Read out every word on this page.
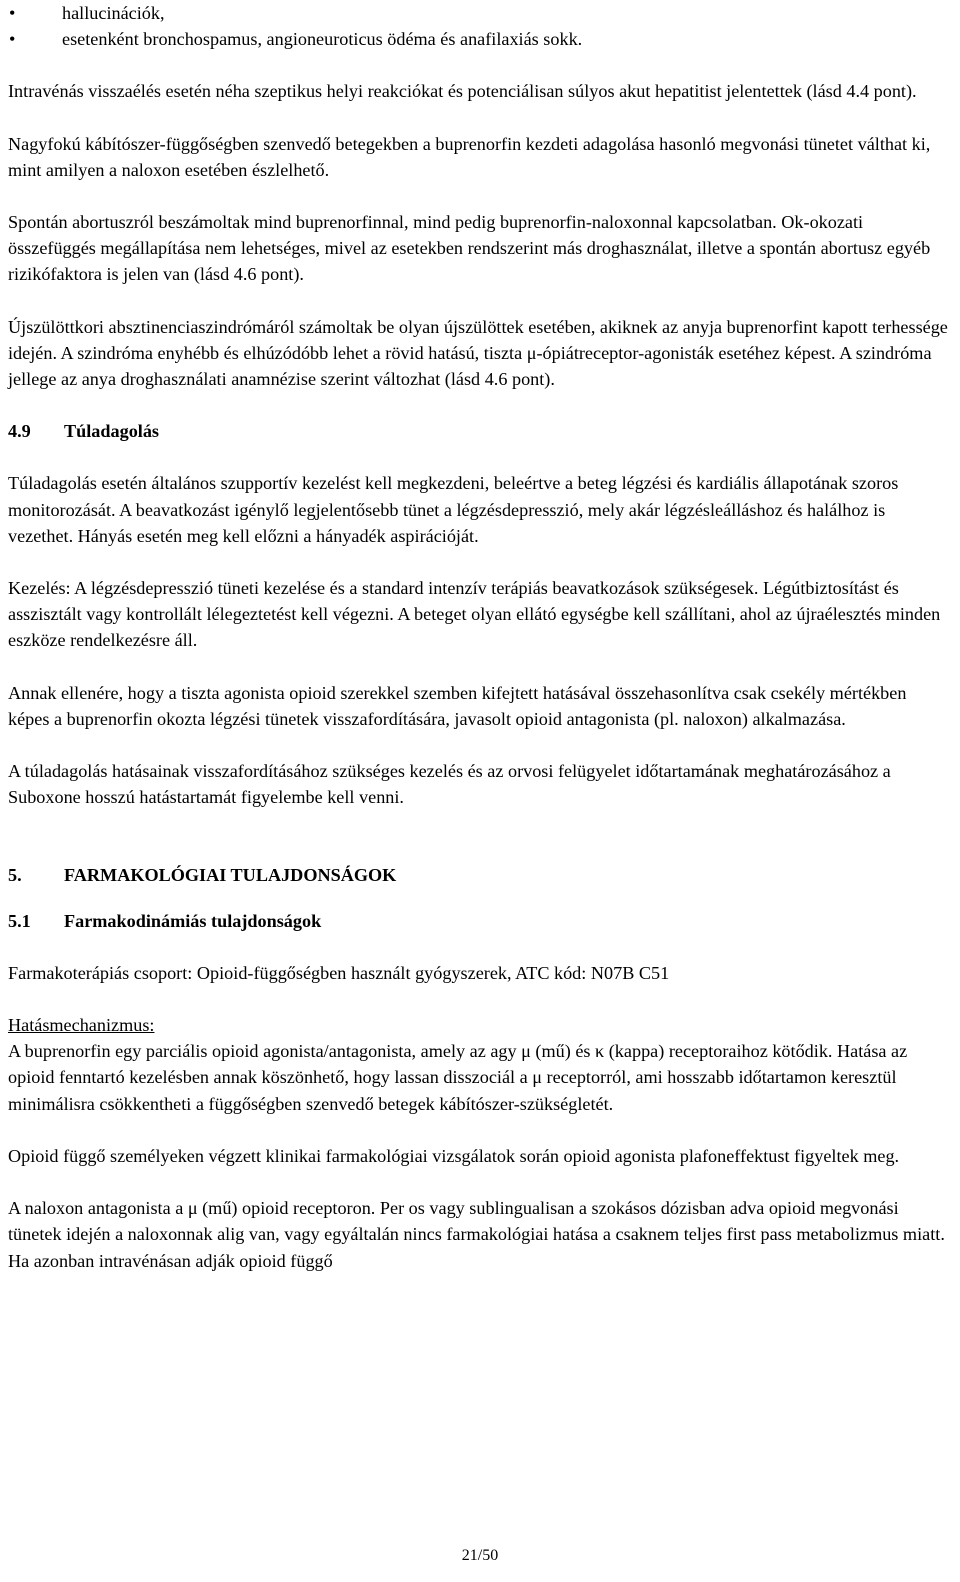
•	hallucinációk,
•	esetenként bronchospamus, angioneuroticus ödéma és anafilaxiás sokk.

Intravénás visszaélés esetén néha szeptikus helyi reakciókat és potenciálisan súlyos akut hepatitist jelentettek (lásd 4.4 pont).

Nagyfokú kábítószer-függőségben szenvedő betegekben a buprenorfin kezdeti adagolása hasonló megvonási tünetet válthat ki, mint amilyen a naloxon esetében észlelhető.

Spontán abortuszról beszámoltak mind buprenorfinnal, mind pedig buprenorfin-naloxonnal kapcsolatban. Ok-okozati összefüggés megállapítása nem lehetséges, mivel az esetekben rendszerint más droghasználat, illetve a spontán abortusz egyéb rizikófaktora is jelen van (lásd 4.6 pont).

Újszülöttkori absztinenciaszindrómáról számoltak be olyan újszülöttek esetében, akiknek az anyja buprenorfint kapott terhessége idején. A szindróma enyhébb és elhúzódóbb lehet a rövid hatású, tiszta μ-ópiátreceptor-agonisták esetéhez képest. A szindróma jellege az anya droghasználati anamnézise szerint változhat (lásd 4.6 pont).

4.9	Túladagolás

Túladagolás esetén általános szupportív kezelést kell megkezdeni, beleértve a beteg légzési és kardiális állapotának szoros monitorozását. A beavatkozást igénylő legjelentősebb tünet a légzésdepresszió, mely akár légzésleálláshoz és halálhoz is vezethet. Hányás esetén meg kell előzni a hányadék aspirációját.

Kezelés: A légzésdepresszió tüneti kezelése és a standard intenzív terápiás beavatkozások szükségesek. Légútbiztosítást és asszisztált vagy kontrollált lélegeztetést kell végezni. A beteget olyan ellátó egységbe kell szállítani, ahol az újraélesztés minden eszköze rendelkezésre áll.

Annak ellenére, hogy a tiszta agonista opioid szerekkel szemben kifejtett hatásával összehasonlítva csak csekély mértékben képes a buprenorfin okozta légzési tünetek visszafordítására, javasolt opioid antagonista (pl. naloxon) alkalmazása.

A túladagolás hatásainak visszafordításához szükséges kezelés és az orvosi felügyelet időtartamának meghatározásához a Suboxone hosszú hatástartamát figyelembe kell venni.

5.	FARMAKOLÓGIAI TULAJDONSÁGOK
5.1	Farmakodinámiás tulajdonságok

Farmakoterápiás csoport: Opioid-függőségben használt gyógyszerek, ATC kód: N07B C51

Hatásmechanizmus:

A buprenorfin egy parciális opioid agonista/antagonista, amely az agy μ (mű) és κ (kappa) receptoraihoz kötődik. Hatása az opioid fenntartó kezelésben annak köszönhető, hogy lassan disszociál a μ receptorról, ami hosszabb időtartamon keresztül minimálisra csökkentheti a függőségben szenvedő betegek kábítószer-szükségletét.

Opioid függő személyeken végzett klinikai farmakológiai vizsgálatok során opioid agonista plafoneffektust figyeltek meg.

A naloxon antagonista a μ (mű) opioid receptoron. Per os vagy sublingualisan a szokásos dózisban adva opioid megvonási tünetek idején a naloxonnak alig van, vagy egyáltalán nincs farmakológiai hatása a csaknem teljes first pass metabolizmus miatt. Ha azonban intravénásan adják opioid függő

21/50
